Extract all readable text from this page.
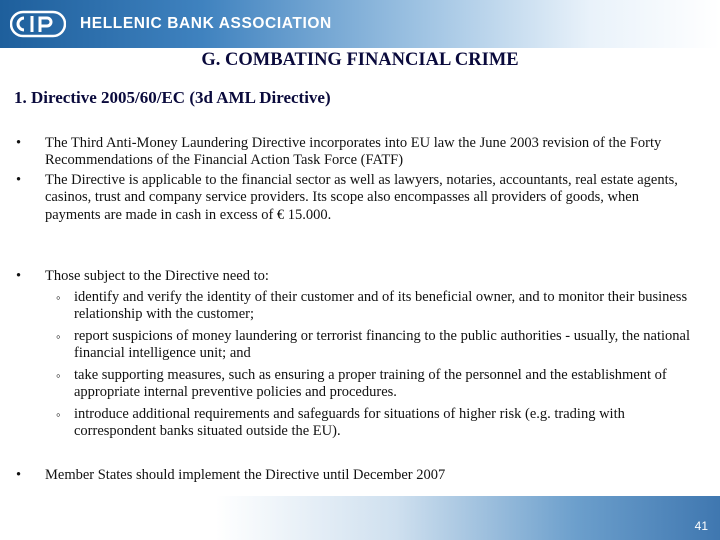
HELLENIC BANK ASSOCIATION
G. COMBATING FINANCIAL CRIME
1. Directive 2005/60/EC (3d AML Directive)
• The Third Anti-Money Laundering Directive incorporates into EU law the June 2003 revision of the Forty Recommendations of the Financial Action Task Force (FATF)
• The Directive is applicable to the financial sector as well as lawyers, notaries, accountants, real estate agents, casinos, trust and company service providers. Its scope also encompasses all providers of goods, when payments are made in cash in excess of € 15.000.
• Those subject to the Directive need to:
◦ identify and verify the identity of their customer and of its beneficial owner, and to monitor their business relationship with the customer;
◦ report suspicions of money laundering or terrorist financing to the public authorities - usually, the national financial intelligence unit; and
◦ take supporting measures, such as ensuring a proper training of the personnel and the establishment of appropriate internal preventive policies and procedures.
◦ introduce additional requirements and safeguards for situations of higher risk (e.g. trading with correspondent banks situated outside the EU).
• Member States should implement the Directive until December 2007
41
